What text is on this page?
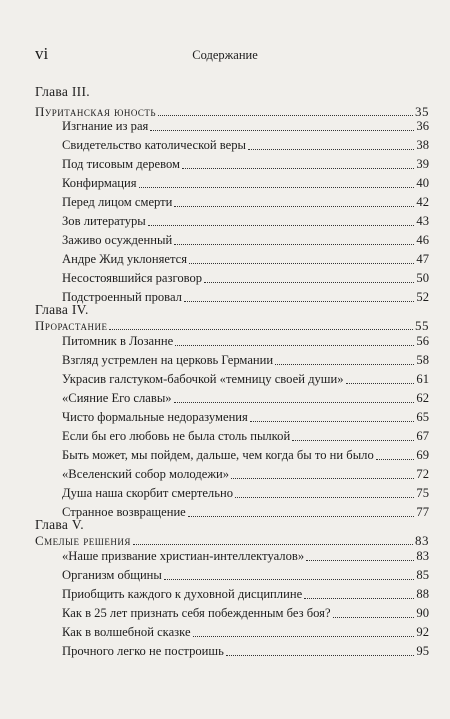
vi	Содержание
Глава III.
Пуританская юность	35
Изгнание из рая	36
Свидетельство католической веры	38
Под тисовым деревом	39
Конфирмация	40
Перед лицом смерти	42
Зов литературы	43
Заживо осужденный	46
Андре Жид уклоняется	47
Несостоявшийся разговор	50
Подстроенный провал	52
Глава IV.
Прорастание	55
Питомник в Лозанне	56
Взгляд устремлен на церковь Германии	58
Украсив галстуком-бабочкой «темницу своей души»	61
«Сияние Его славы»	62
Чисто формальные недоразумения	65
Если бы его любовь не была столь пылкой	67
Быть может, мы пойдем, дальше, чем когда бы то ни было	69
«Вселенский собор молодежи»	72
Душа наша скорбит смертельно	75
Странное возвращение	77
Глава V.
Смелые решения	83
«Наше призвание христиан-интеллектуалов»	83
Организм общины	85
Приобщить каждого к духовной дисциплине	88
Как в 25 лет признать себя побежденным без боя?	90
Как в волшебной сказке	92
Прочного легко не построишь	95
